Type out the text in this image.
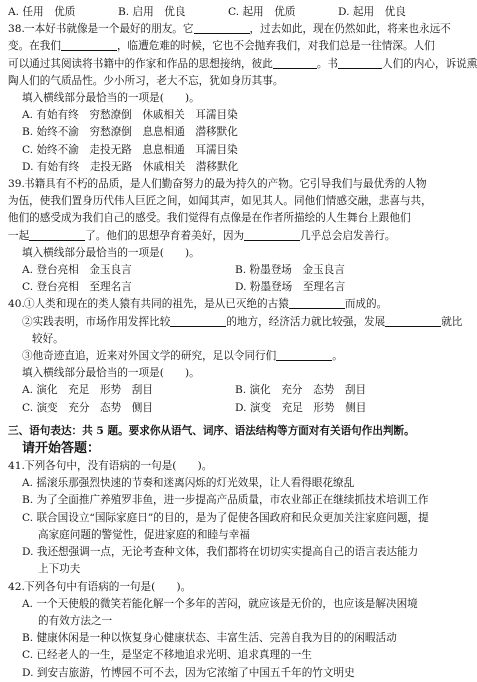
A. 任用　优质	B. 启用　优良	C. 起用　优质	D. 起用　优良
38.一本好书就像是一个最好的朋友。它	，过去如此，现在仍然如此，将来也永远不
变。在我们	，临遭危难的时候，它也不会抛弃我们，对我们总是一往情深。人们
可以通过其阅读将书籍中的作家和作品的思想接纳，彼此	。书	人们的内心，诉说熏
陶人们的气质品性。少小所习，老大不忘，犹如身历其事。
填入横线部分最恰当的一项是(　　)。
A. 有始有终　穷愁潦倒　休戚相关　耳濡目染
B. 始终不渝　穷愁潦倒　息息相通　潜移默化
C. 始终不渝　走投无路　息息相通　耳濡目染
D. 有始有终　走投无路　休戚相关　潜移默化
39.书籍具有不朽的品质，是人们勤奋努力的最为持久的产物。它引导我们与最优秀的人物
为伍，使我们置身历代伟人巨匠之间，如闻其声，如见其人。同他们情感交融，悲喜与共，
他们的感受成为我们自己的感受。我们觉得有点像是在作者所描绘的人生舞台上跟他们
一起	了。他们的思想孕育着美好，因为	几乎总会启发善行。
填入横线部分最恰当的一项是(　　)。
A. 登台亮相　金玉良言	B. 粉墨登场　金玉良言
C. 登台亮相　至理名言	D. 粉墨登场　至理名言
40.①人类和现在的类人猿有共同的祖先，是从已灭绝的古猿	而成的。
②实践表明，市场作用发挥比较	的地方，经济活力就比较强，发展	就比
较好。
③他奇迹直追，近来对外国文学的研究，足以令同行们	。
填入横线部分最恰当的一项是(　　)。
A. 演化　充足　形势　刮目	B. 演化　充分　态势　刮目
C. 演变　充分　态势　侧目	D. 演变　充足　形势　侧目
三、语句表达：共 5 题。要求你从语气、词序、语法结构等方面对有关语句作出判断。
请开始答题：
41.下列各句中，没有语病的一句是(　　)。
A. 摇滚乐那强烈快速的节奏和迷离闪烁的灯光效果，让人看得眼花缭乱
B. 为了全面推广养殖罗非鱼，进一步提高产品质量，市农业部正在继续抓技术培训工作
C. 联合国设立“国际家庭日”的目的，是为了促使各国政府和民众更加关注家庭问题，提
高家庭问题的警觉性，促进家庭的和睦与幸福
D. 我还想强调一点，无论考查种文体，我们都将在切切实实提高自己的语言表达能力
上下功夫
42.下列各句中有语病的一句是(　　)。
A. 一个天使般的微笑若能化解一个多年的苦闷，就应该是无价的，也应该是解决困境
的有效方法之一
B. 健康休闲是一种以恢复身心健康状态、丰富生活、完善自我为目的的闲暇活动
C. 已经老人的一生，是坚定不移地追求光明、追求真理的一生
D. 到安吉旅游，竹博园不可不去，因为它浓缩了中国五千年的竹文明史
